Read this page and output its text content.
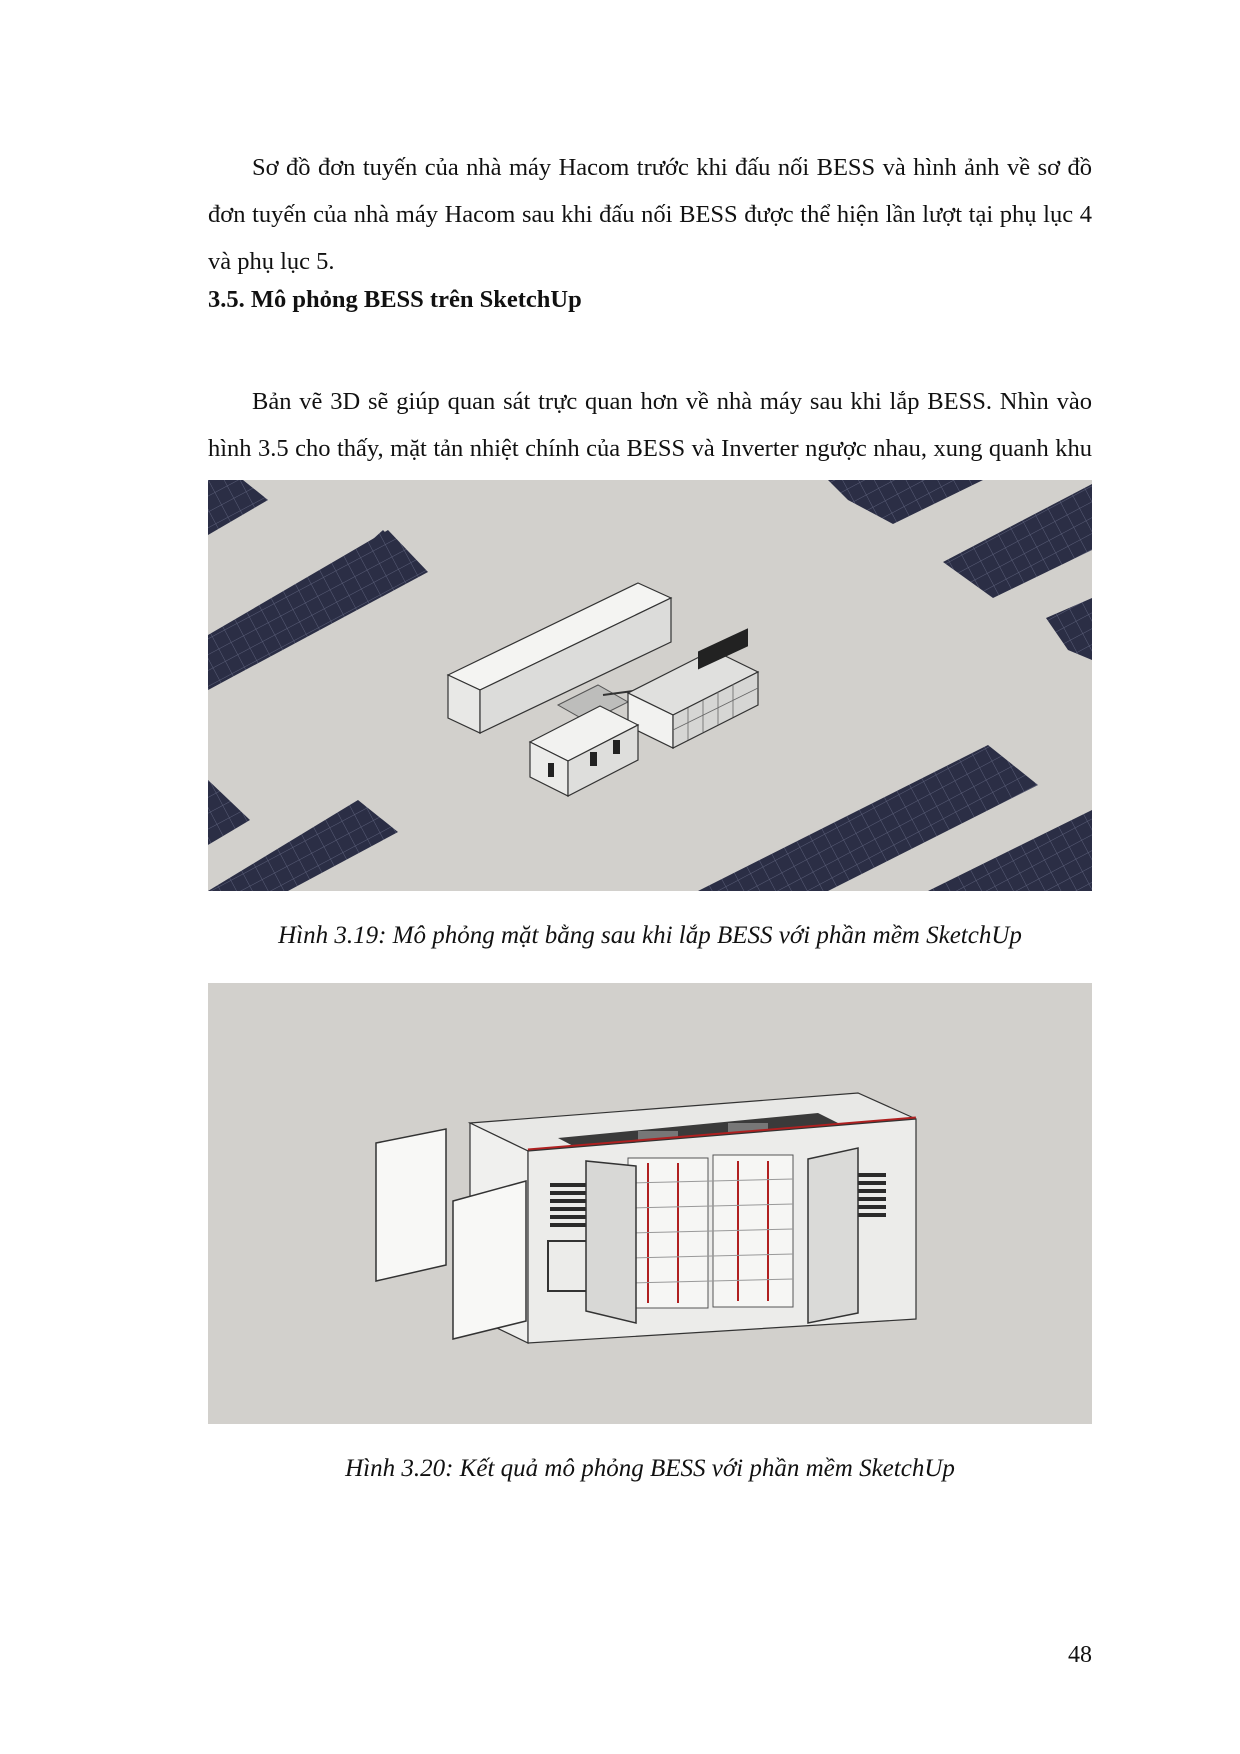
Sơ đồ đơn tuyến của nhà máy Hacom trước khi đấu nối BESS và hình ảnh về sơ đồ đơn tuyến của nhà máy Hacom sau khi đấu nối BESS được thể hiện lần lượt tại phụ lục 4 và phụ lục 5.

3.5. Mô phỏng BESS trên SketchUp

Bản vẽ 3D sẽ giúp quan sát trực quan hơn về nhà máy sau khi lắp BESS. Nhìn vào hình 3.5 cho thấy, mặt tản nhiệt chính của BESS và Inverter ngược nhau, xung quanh khu

Hình 3.19: Mô phỏng mặt bằng sau khi lắp BESS với phần mềm SketchUp

Hình 3.20: Kết quả mô phỏng BESS với phần mềm SketchUp

48
